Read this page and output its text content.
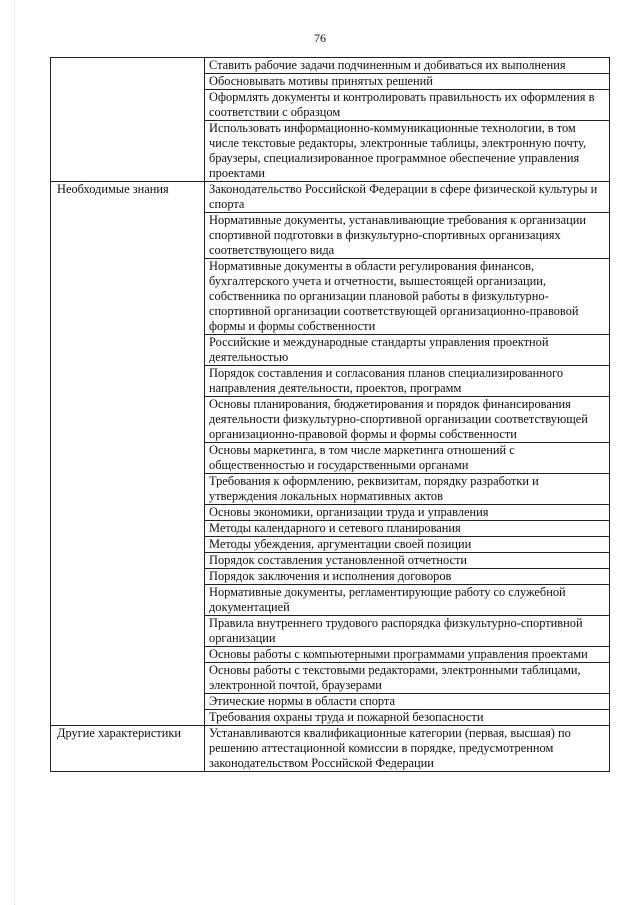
76
	Ставить рабочие задачи подчиненным и добиваться их выполнения
	Обосновывать мотивы принятых решений
	Оформлять документы и контролировать правильность их оформления в соответствии с образцом
	Использовать информационно-коммуникационные технологии, в том числе текстовые редакторы, электронные таблицы, электронную почту, браузеры, специализированное программное обеспечение управления проектами
Необходимые знания	Законодательство Российской Федерации в сфере физической культуры и спорта
	Нормативные документы, устанавливающие требования к организации спортивной подготовки в физкультурно-спортивных организациях соответствующего вида
	Нормативные документы в области регулирования финансов, бухгалтерского учета и отчетности, вышестоящей организации, собственника по организации плановой работы в физкультурно-спортивной организации соответствующей организационно-правовой формы и формы собственности
	Российские и международные стандарты управления проектной деятельностью
	Порядок составления и согласования планов специализированного направления деятельности, проектов, программ
	Основы планирования, бюджетирования и порядок финансирования деятельности физкультурно-спортивной организации соответствующей организационно-правовой формы и формы собственности
	Основы маркетинга, в том числе маркетинга отношений с общественностью и государственными органами
	Требования к оформлению, реквизитам, порядку разработки и утверждения локальных нормативных актов
	Основы экономики, организации труда и управления
	Методы календарного и сетевого планирования
	Методы убеждения, аргументации своей позиции
	Порядок составления установленной отчетности
	Порядок заключения и исполнения договоров
	Нормативные документы, регламентирующие работу со служебной документацией
	Правила внутреннего трудового распорядка физкультурно-спортивной организации
	Основы работы с компьютерными программами управления проектами
	Основы работы с текстовыми редакторами, электронными таблицами, электронной почтой, браузерами
	Этические нормы в области спорта
	Требования охраны труда и пожарной безопасности
Другие характеристики	Устанавливаются квалификационные категории (первая, высшая) по решению аттестационной комиссии в порядке, предусмотренном законодательством Российской Федерации
